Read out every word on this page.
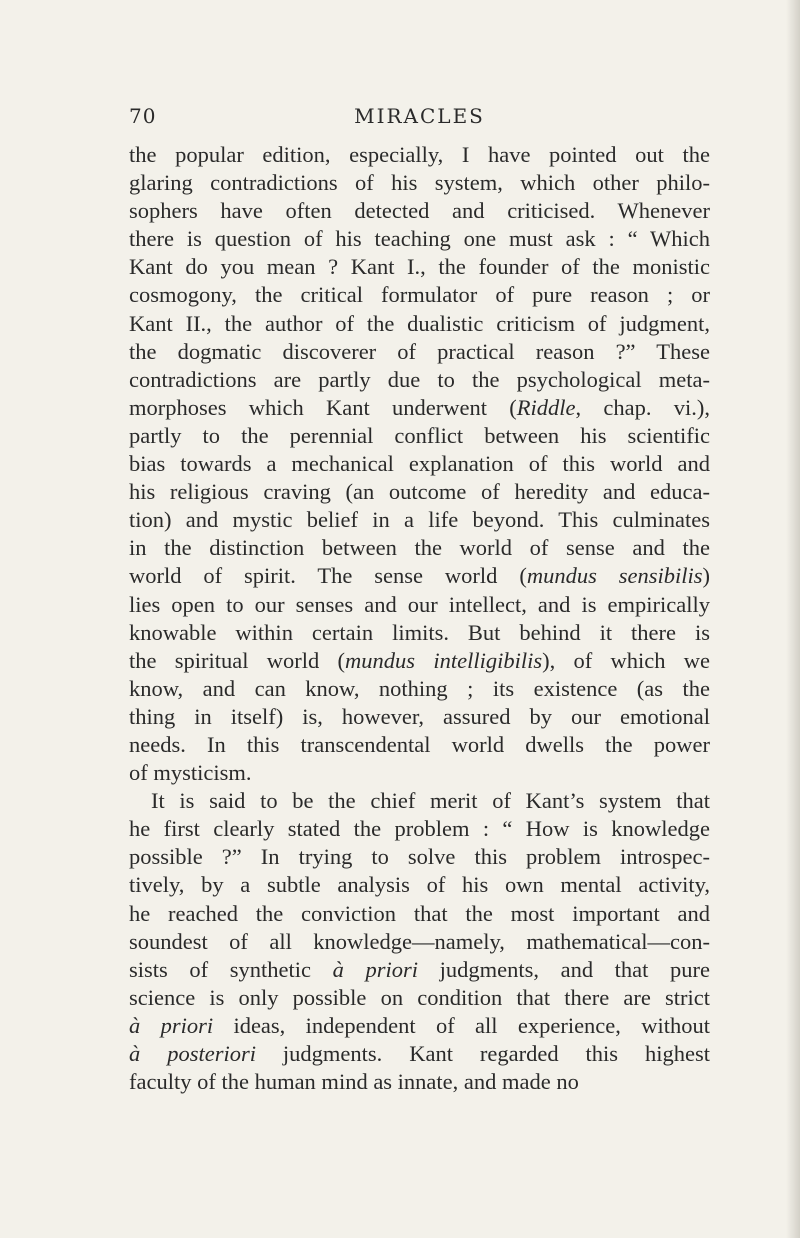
70	MIRACLES
the popular edition, especially, I have pointed out the
glaring contradictions of his system, which other philo-
sophers have often detected and criticised. Whenever
there is question of his teaching one must ask : “ Which
Kant do you mean ? Kant I., the founder of the monistic
cosmogony, the critical formulator of pure reason ; or
Kant II., the author of the dualistic criticism of judgment,
the dogmatic discoverer of practical reason ?” These
contradictions are partly due to the psychological meta-
morphoses which Kant underwent (Riddle, chap. vi.),
partly to the perennial conflict between his scientific
bias towards a mechanical explanation of this world and
his religious craving (an outcome of heredity and educa-
tion) and mystic belief in a life beyond. This culminates
in the distinction between the world of sense and the
world of spirit. The sense world (mundus sensibilis)
lies open to our senses and our intellect, and is empirically
knowable within certain limits. But behind it there is
the spiritual world (mundus intelligibilis), of which we
know, and can know, nothing ; its existence (as the
thing in itself) is, however, assured by our emotional
needs. In this transcendental world dwells the power
of mysticism.
It is said to be the chief merit of Kant’s system that
he first clearly stated the problem : “ How is knowledge
possible ?” In trying to solve this problem introspec-
tively, by a subtle analysis of his own mental activity,
he reached the conviction that the most important and
soundest of all knowledge—namely, mathematical—con-
sists of synthetic à priori judgments, and that pure
science is only possible on condition that there are strict
à priori ideas, independent of all experience, without
à posteriori judgments. Kant regarded this highest
faculty of the human mind as innate, and made no
